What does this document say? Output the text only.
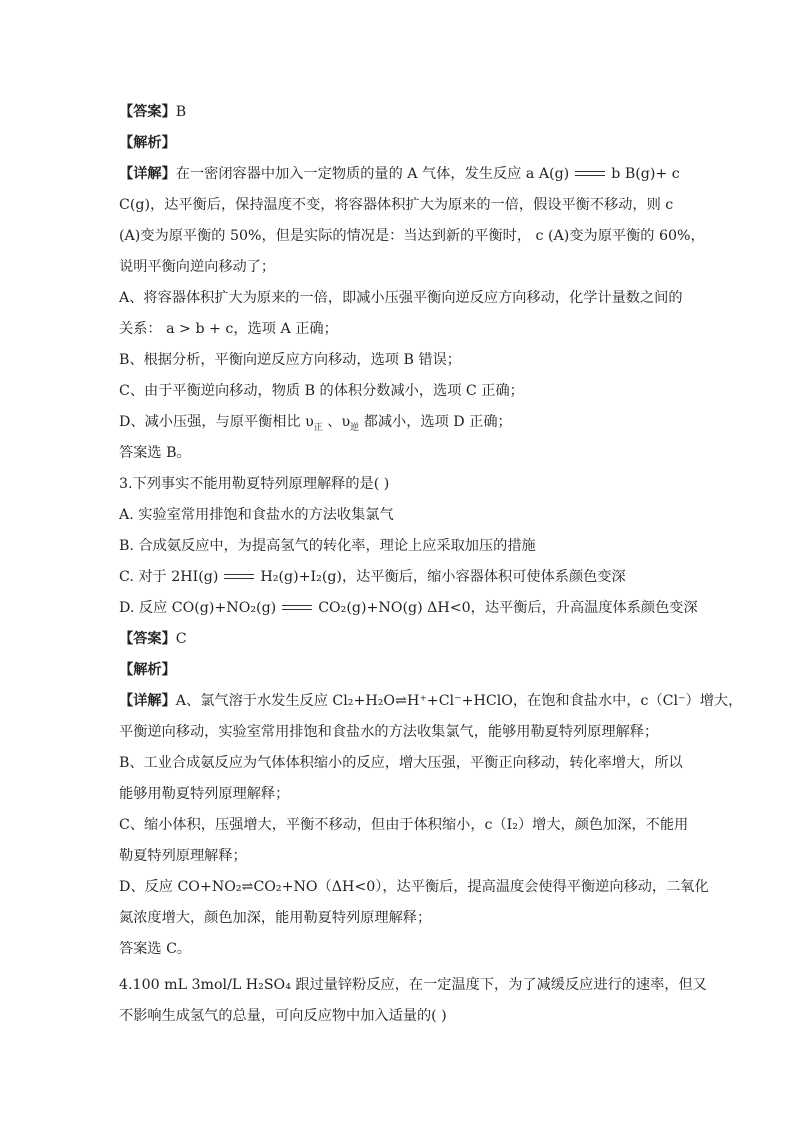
【答案】B
【解析】
【详解】在一密闭容器中加入一定物质的量的 A 气体，发生反应 a A(g)	b B(g)+ c
C(g)，达平衡后，保持温度不变，将容器体积扩大为原来的一倍，假设平衡不移动，则 c
(A)变为原平衡的 50%，但是实际的情况是：当达到新的平衡时， c (A)变为原平衡的 60%，
说明平衡向逆向移动了；
A、将容器体积扩大为原来的一倍，即减小压强平衡向逆反应方向移动，化学计量数之间的
关系： a > b + c，选项 A 正确；
B、根据分析，平衡向逆反应方向移动，选项 B 错误；
C、由于平衡逆向移动，物质 B 的体积分数减小，选项 C 正确；
D、减小压强，与原平衡相比 $\upsilon_正$ 、$\upsilon_逆$ 都减小，选项 D 正确；
答案选 B。
3.下列事实不能用勒夏特列原理解释的是( )
A. 实验室常用排饱和食盐水的方法收集氯气
B. 合成氨反应中，为提高氢气的转化率，理论上应采取加压的措施
C. 对于 2HI(g)	H₂(g)+I₂(g)，达平衡后，缩小容器体积可使体系颜色变深
D. 反应 CO(g)+NO₂(g)	CO₂(g)+NO(g) ΔH<0，达平衡后，升高温度体系颜色变深
【答案】C
【解析】
【详解】A、氯气溶于水发生反应 Cl₂+H₂O⇌H⁺+Cl⁻+HClO，在饱和食盐水中，c（Cl⁻）增大，
平衡逆向移动，实验室常用排饱和食盐水的方法收集氯气，能够用勒夏特列原理解释；
B、工业合成氨反应为气体体积缩小的反应，增大压强，平衡正向移动，转化率增大，所以
能够用勒夏特列原理解释；
C、缩小体积，压强增大，平衡不移动，但由于体积缩小，c（I₂）增大，颜色加深，不能用
勒夏特列原理解释；
D、反应 CO+NO₂⇌CO₂+NO（ΔH<0），达平衡后，提高温度会使得平衡逆向移动，二氧化
氮浓度增大，颜色加深，能用勒夏特列原理解释；
答案选 C。
4.100 mL 3mol/L H₂SO₄ 跟过量锌粉反应，在一定温度下，为了减缓反应进行的速率，但又
不影响生成氢气的总量，可向反应物中加入适量的( )
